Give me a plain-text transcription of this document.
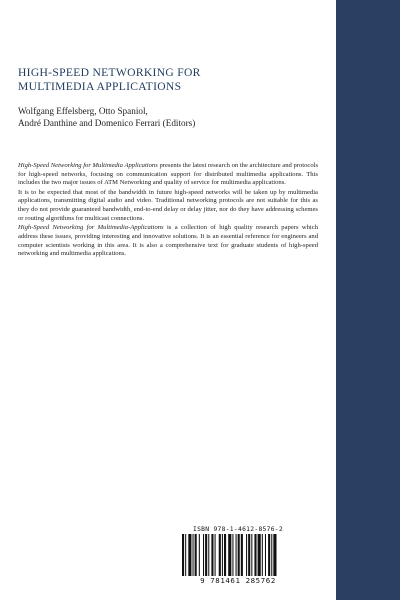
HIGH-SPEED NETWORKING FOR
MULTIMEDIA APPLICATIONS

Wolfgang Effelsberg, Otto Spaniol,
André Danthine and Domenico Ferrari (Editors)

High-Speed Networking for Multimedia Applications presents the latest research on the architecture and protocols for high-speed networks, focusing on communication support for distributed multimedia applications. This includes the two major issues of ATM Networking and quality of service for multimedia applications.

It is to be expected that most of the bandwidth in future high-speed networks will be taken up by multimedia applications, transmitting digital audio and video. Traditional networking protocols are not suitable for this as they do not provide guaranteed bandwidth, end-to-end delay or delay jitter, nor do they have addressing schemes or routing algorithms for multicast connections.

High-Speed Networking for Multimedia-Applications is a collection of high quality research papers which address these issues, providing interesting and innovative solutions. It is an essential reference for engineers and computer scientists working in this area. It is also a comprehensive text for graduate students of high-speed networking and multimedia applications.

ISBN 978-1-4612-8576-2
9 781461 285762
